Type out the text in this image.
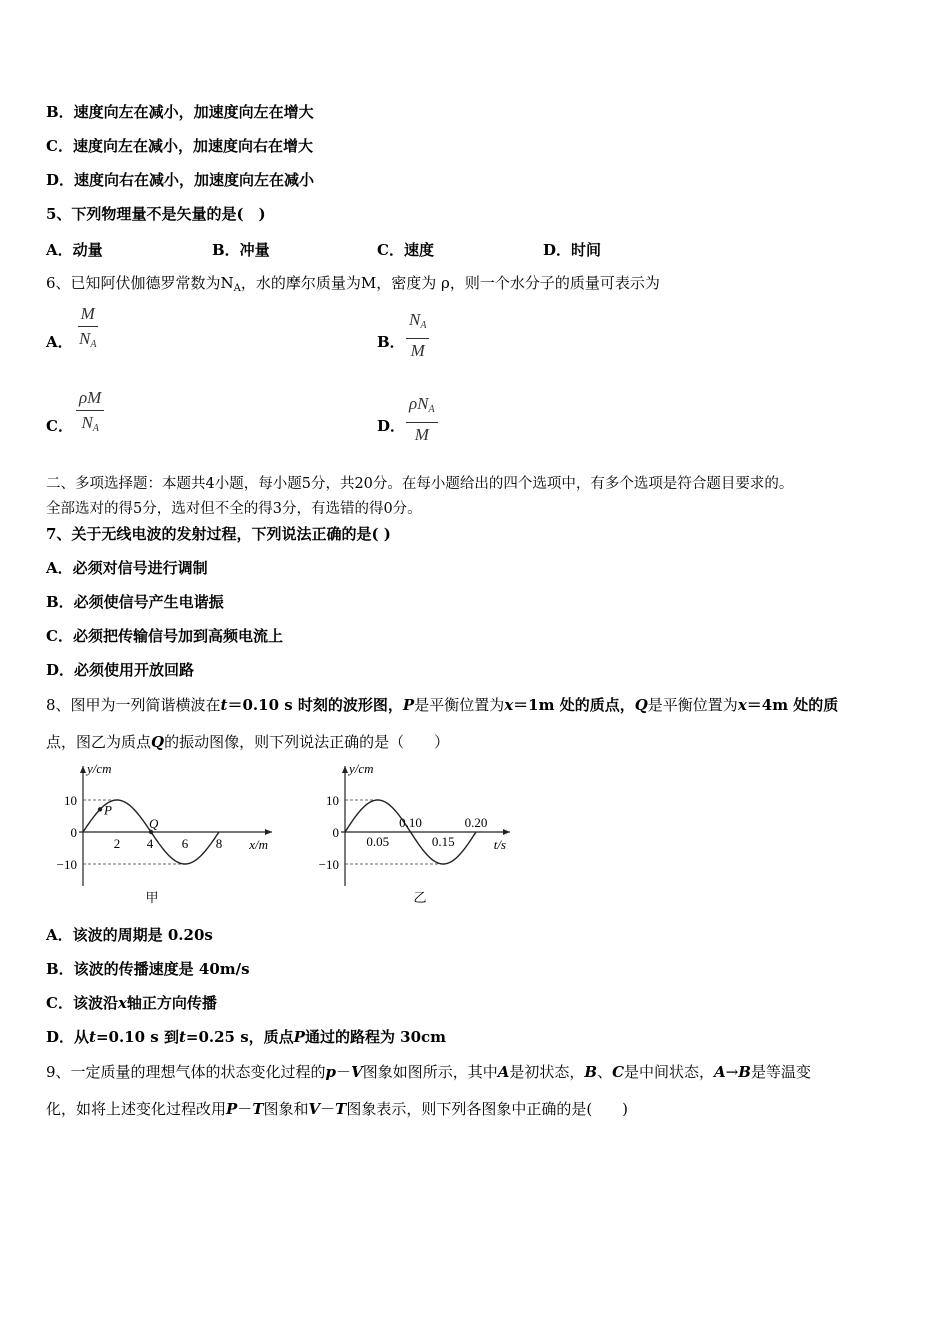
B．速度向左在减小，加速度向左在增大
C．速度向左在减小，加速度向右在增大
D．速度向右在减小，加速度向左在减小
5、下列物理量不是矢量的是(　)
A．动量	B．冲量	C．速度	D．时间
6、已知阿伏伽德罗常数为$N_A$，水的摩尔质量为M，密度为 ρ，则一个水分子的质量可表示为
A． $\frac{M}{N_A}$	B． $\frac{N_A}{M}$
C． $\frac{\rho M}{N_A}$	D．
$\rho N_A$
M
二、多项选择题：本题共4小题，每小题5分，共20分。在每小题给出的四个选项中，有多个选项是符合题目要求的。
全部选对的得5分，选对但不全的得3分，有选错的得0分。
7、关于无线电波的发射过程，下列说法正确的是( )
A．必须对信号进行调制
B．必须使信号产生电谐振
C．必须把传输信号加到高频电流上
D．必须使用开放回路
8、图甲为一列简谐横波在t＝0.10 s 时刻的波形图，P是平衡位置为x＝1m 处的质点，Q是平衡位置为x＝4m 处的质
点，图乙为质点Q的振动图像，则下列说法正确的是（　　）
10
0
−10
y/cm
x/m
甲
2 4 6 8
P
Q
10
0
−10
y/cm
t/s
乙
0.05
0.10
0.15
0.20
A．该波的周期是 0.20s
B．该波的传播速度是 40m/s
C．该波沿x轴正方向传播
D．从t=0.10 s 到t=0.25 s，质点P通过的路程为 30cm
9、一定质量的理想气体的状态变化过程的p－V图象如图所示，其中A是初状态，B、C是中间状态，A→B是等温变
化，如将上述变化过程改用P－T图象和V－T图象表示，则下列各图象中正确的是(　　)
